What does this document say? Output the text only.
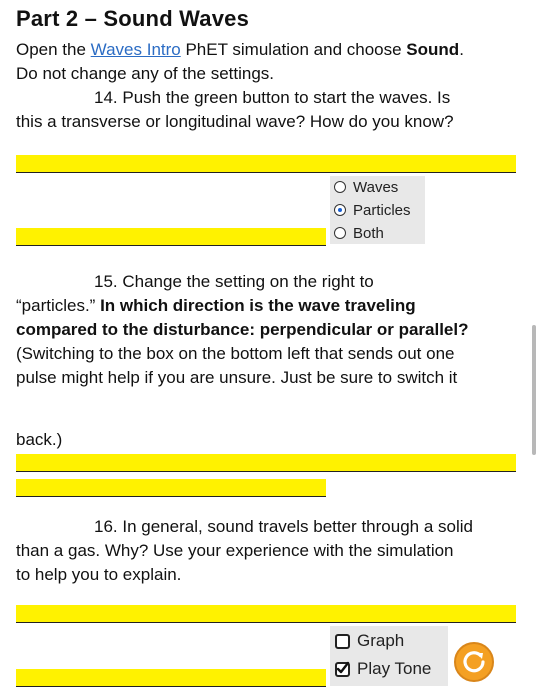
Part 2 – Sound Waves
Open the Waves Intro PhET simulation and choose Sound.
Do not change any of the settings.
14. Push the green button to start the waves. Is
this a transverse or longitudinal wave? How do you know?
Waves
Particles
Both
15. Change the setting on the right to
“particles.” In which direction is the wave traveling
compared to the disturbance: perpendicular or parallel?
(Switching to the box on the bottom left that sends out one
pulse might help if you are unsure. Just be sure to switch it
back.)
16. In general, sound travels better through a solid
than a gas. Why? Use your experience with the simulation
to help you to explain.
Graph
Play Tone
